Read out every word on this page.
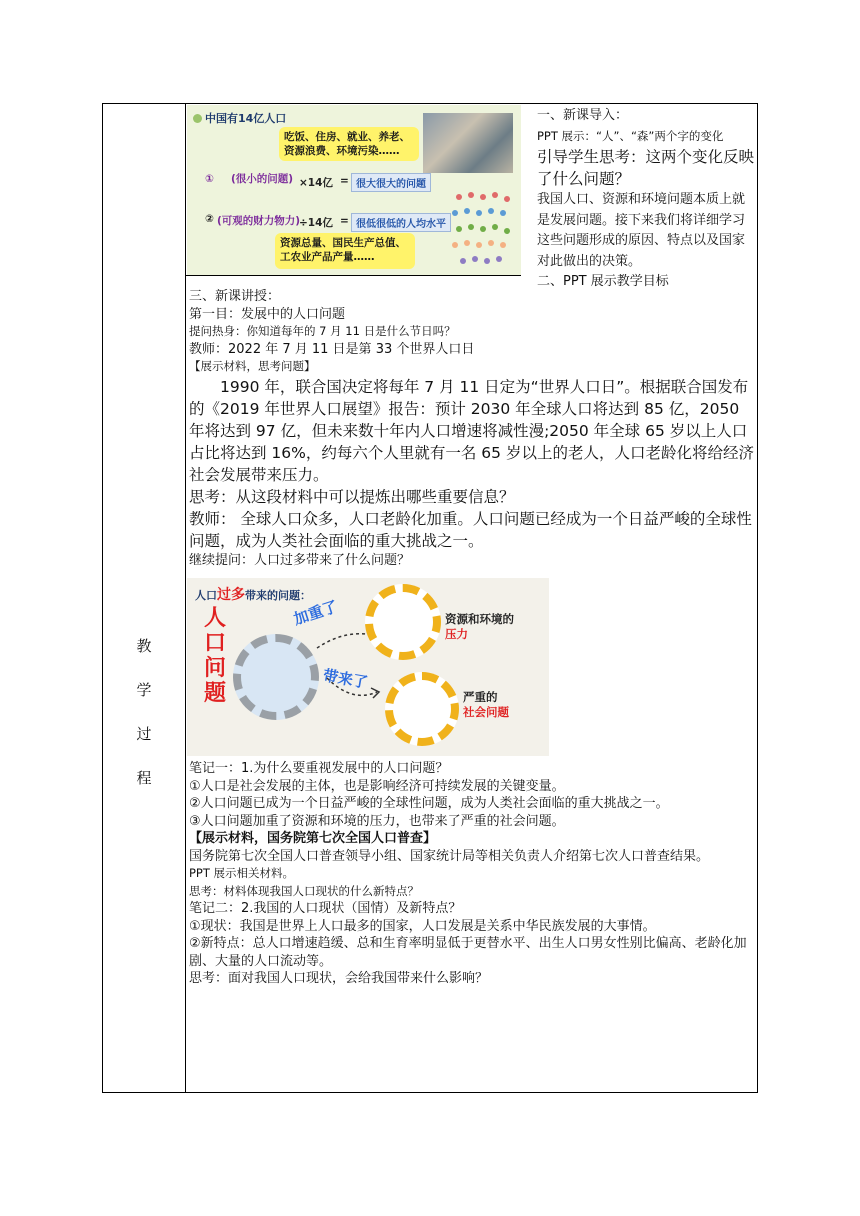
教
学
过
程
中国有14亿人口
吃饭、住房、就业、养老、资源浪费、环境污染……
① (很小的问题) ×14亿 = 很大很大的问题
② (可观的财力物力)
÷14亿 = 很低很低的人均水平
资源总量、国民生产总值、工农业产品产量……
一、新课导入：
PPT 展示：“人”、“森”两个字的变化
引导学生思考：这两个变化反映了什么问题？
我国人口、资源和环境问题本质上就是发展问题。接下来我们将详细学习这些问题形成的原因、特点以及国家对此做出的决策。
二、PPT 展示教学目标

三、新课讲授：

第一目：发展中的人口问题

提问热身：你知道每年的 7 月 11 日是什么节日吗？

教师：2022 年 7 月 11 日是第 33 个世界人口日

【展示材料，思考问题】

1990 年，联合国决定将每年 7 月 11 日定为“世界人口日”。根据联合国发布的《2019 年世界人口展望》报告：预计 2030 年全球人口将达到 85 亿，2050 年将达到 97 亿，但未来数十年内人口增速将减性漫;2050 年全球 65 岁以上人口占比将达到 16%，约每六个人里就有一名 65 岁以上的老人，人口老龄化将给经济社会发展带来压力。

思考：从这段材料中可以提炼出哪些重要信息？

教师： 全球人口众多，人口老龄化加重。人口问题已经成为一个日益严峻的全球性问题，成为人类社会面临的重大挑战之一。

继续提问：人口过多带来了什么问题？

人口过多带来的问题：
人
口
问
题
加重了
带来了
资源和环境的
压力
严重的
社会问题

笔记一：1.为什么要重视发展中的人口问题？

①人口是社会发展的主体，也是影响经济可持续发展的关键变量。

②人口问题已成为一个日益严峻的全球性问题，成为人类社会面临的重大挑战之一。

③人口问题加重了资源和环境的压力，也带来了严重的社会问题。

【展示材料，国务院第七次全国人口普查】

国务院第七次全国人口普查领导小组、国家统计局等相关负责人介绍第七次人口普查结果。

PPT 展示相关材料。

思考：材料体现我国人口现状的什么新特点？

笔记二：2.我国的人口现状（国情）及新特点？

①现状：我国是世界上人口最多的国家，人口发展是关系中华民族发展的大事情。

②新特点：总人口增速趋缓、总和生育率明显低于更替水平、出生人口男女性别比偏高、老龄化加剧、大量的人口流动等。

思考：面对我国人口现状，会给我国带来什么影响？
